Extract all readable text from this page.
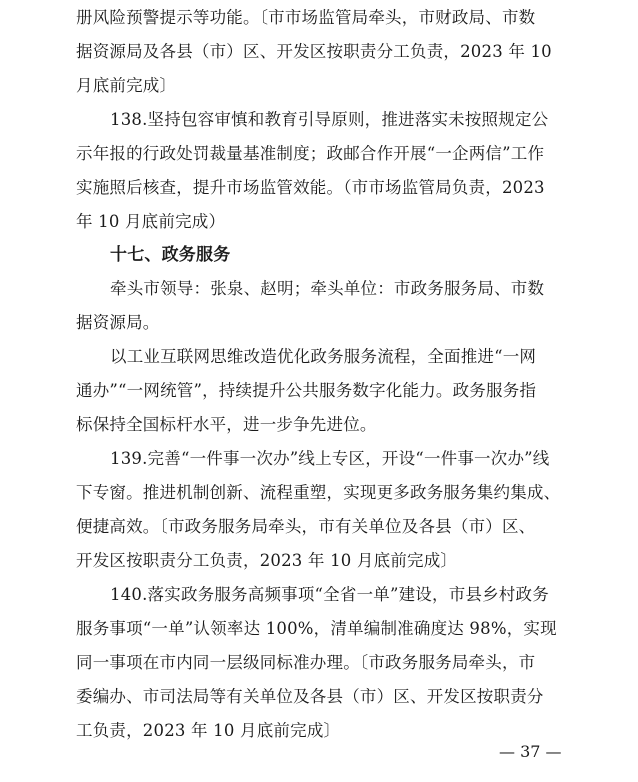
册风险预警提示等功能。〔市市场监管局牵头，市财政局、市数
据资源局及各县（市）区、开发区按职责分工负责，2023 年 10
月底前完成〕
138.坚持包容审慎和教育引导原则，推进落实未按照规定公
示年报的行政处罚裁量基准制度；政邮合作开展“一企两信”工作
实施照后核查，提升市场监管效能。（市市场监管局负责，2023
年 10 月底前完成）
十七、政务服务
牵头市领导：张泉、赵明；牵头单位：市政务服务局、市数
据资源局。
以工业互联网思维改造优化政务服务流程，全面推进“一网
通办”“一网统管”，持续提升公共服务数字化能力。政务服务指
标保持全国标杆水平，进一步争先进位。
139.完善“一件事一次办”线上专区，开设“一件事一次办”线
下专窗。推进机制创新、流程重塑，实现更多政务服务集约集成、
便捷高效。〔市政务服务局牵头，市有关单位及各县（市）区、
开发区按职责分工负责，2023 年 10 月底前完成〕
140.落实政务服务高频事项“全省一单”建设，市县乡村政务
服务事项“一单”认领率达 100%，清单编制准确度达 98%，实现
同一事项在市内同一层级同标准办理。〔市政务服务局牵头，市
委编办、市司法局等有关单位及各县（市）区、开发区按职责分
工负责，2023 年 10 月底前完成〕
— 37 —
